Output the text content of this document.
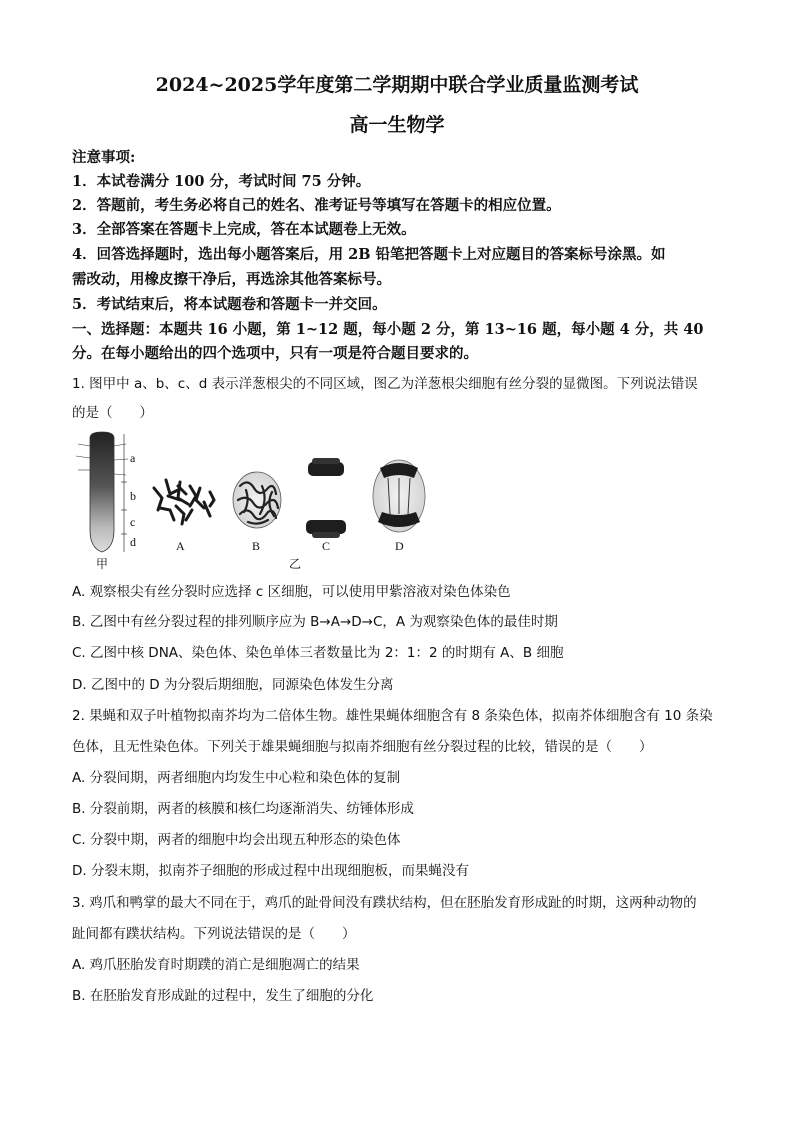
2024~2025学年度第二学期期中联合学业质量监测考试
高一生物学
注意事项:
1．本试卷满分 100 分，考试时间 75 分钟。
2．答题前，考生务必将自己的姓名、准考证号等填写在答题卡的相应位置。
3．全部答案在答题卡上完成，答在本试题卷上无效。
4．回答选择题时，选出每小题答案后，用 2B 铅笔把答题卡上对应题目的答案标号涂黑。如
需改动，用橡皮擦干净后，再选涂其他答案标号。
5．考试结束后，将本试题卷和答题卡一并交回。
一、选择题：本题共 16 小题，第 1~12 题，每小题 2 分，第 13~16 题，每小题 4 分，共 40
分。在每小题给出的四个选项中，只有一项是符合题目要求的。
1. 图甲中 a、b、c、d 表示洋葱根尖的不同区域，图乙为洋葱根尖细胞有丝分裂的显微图。下列说法错误
的是（　　）
a
b
c
d
甲
A	B	C	D
乙
A. 观察根尖有丝分裂时应选择 c 区细胞，可以使用甲紫溶液对染色体染色
B. 乙图中有丝分裂过程的排列顺序应为 B→A→D→C，A 为观察染色体的最佳时期
C. 乙图中核 DNA、染色体、染色单体三者数量比为 2：1：2 的时期有 A、B 细胞
D. 乙图中的 D 为分裂后期细胞，同源染色体发生分离
2. 果蝇和双子叶植物拟南芥均为二倍体生物。雄性果蝇体细胞含有 8 条染色体，拟南芥体细胞含有 10 条染
色体，且无性染色体。下列关于雄果蝇细胞与拟南芥细胞有丝分裂过程的比较，错误的是（　　）
A. 分裂间期，两者细胞内均发生中心粒和染色体的复制
B. 分裂前期，两者的核膜和核仁均逐渐消失、纺锤体形成
C. 分裂中期，两者的细胞中均会出现五种形态的染色体
D. 分裂末期，拟南芥子细胞的形成过程中出现细胞板，而果蝇没有
3. 鸡爪和鸭掌的最大不同在于，鸡爪的趾骨间没有蹼状结构，但在胚胎发育形成趾的时期，这两种动物的
趾间都有蹼状结构。下列说法错误的是（　　）
A. 鸡爪胚胎发育时期蹼的消亡是细胞凋亡的结果
B. 在胚胎发育形成趾的过程中，发生了细胞的分化
